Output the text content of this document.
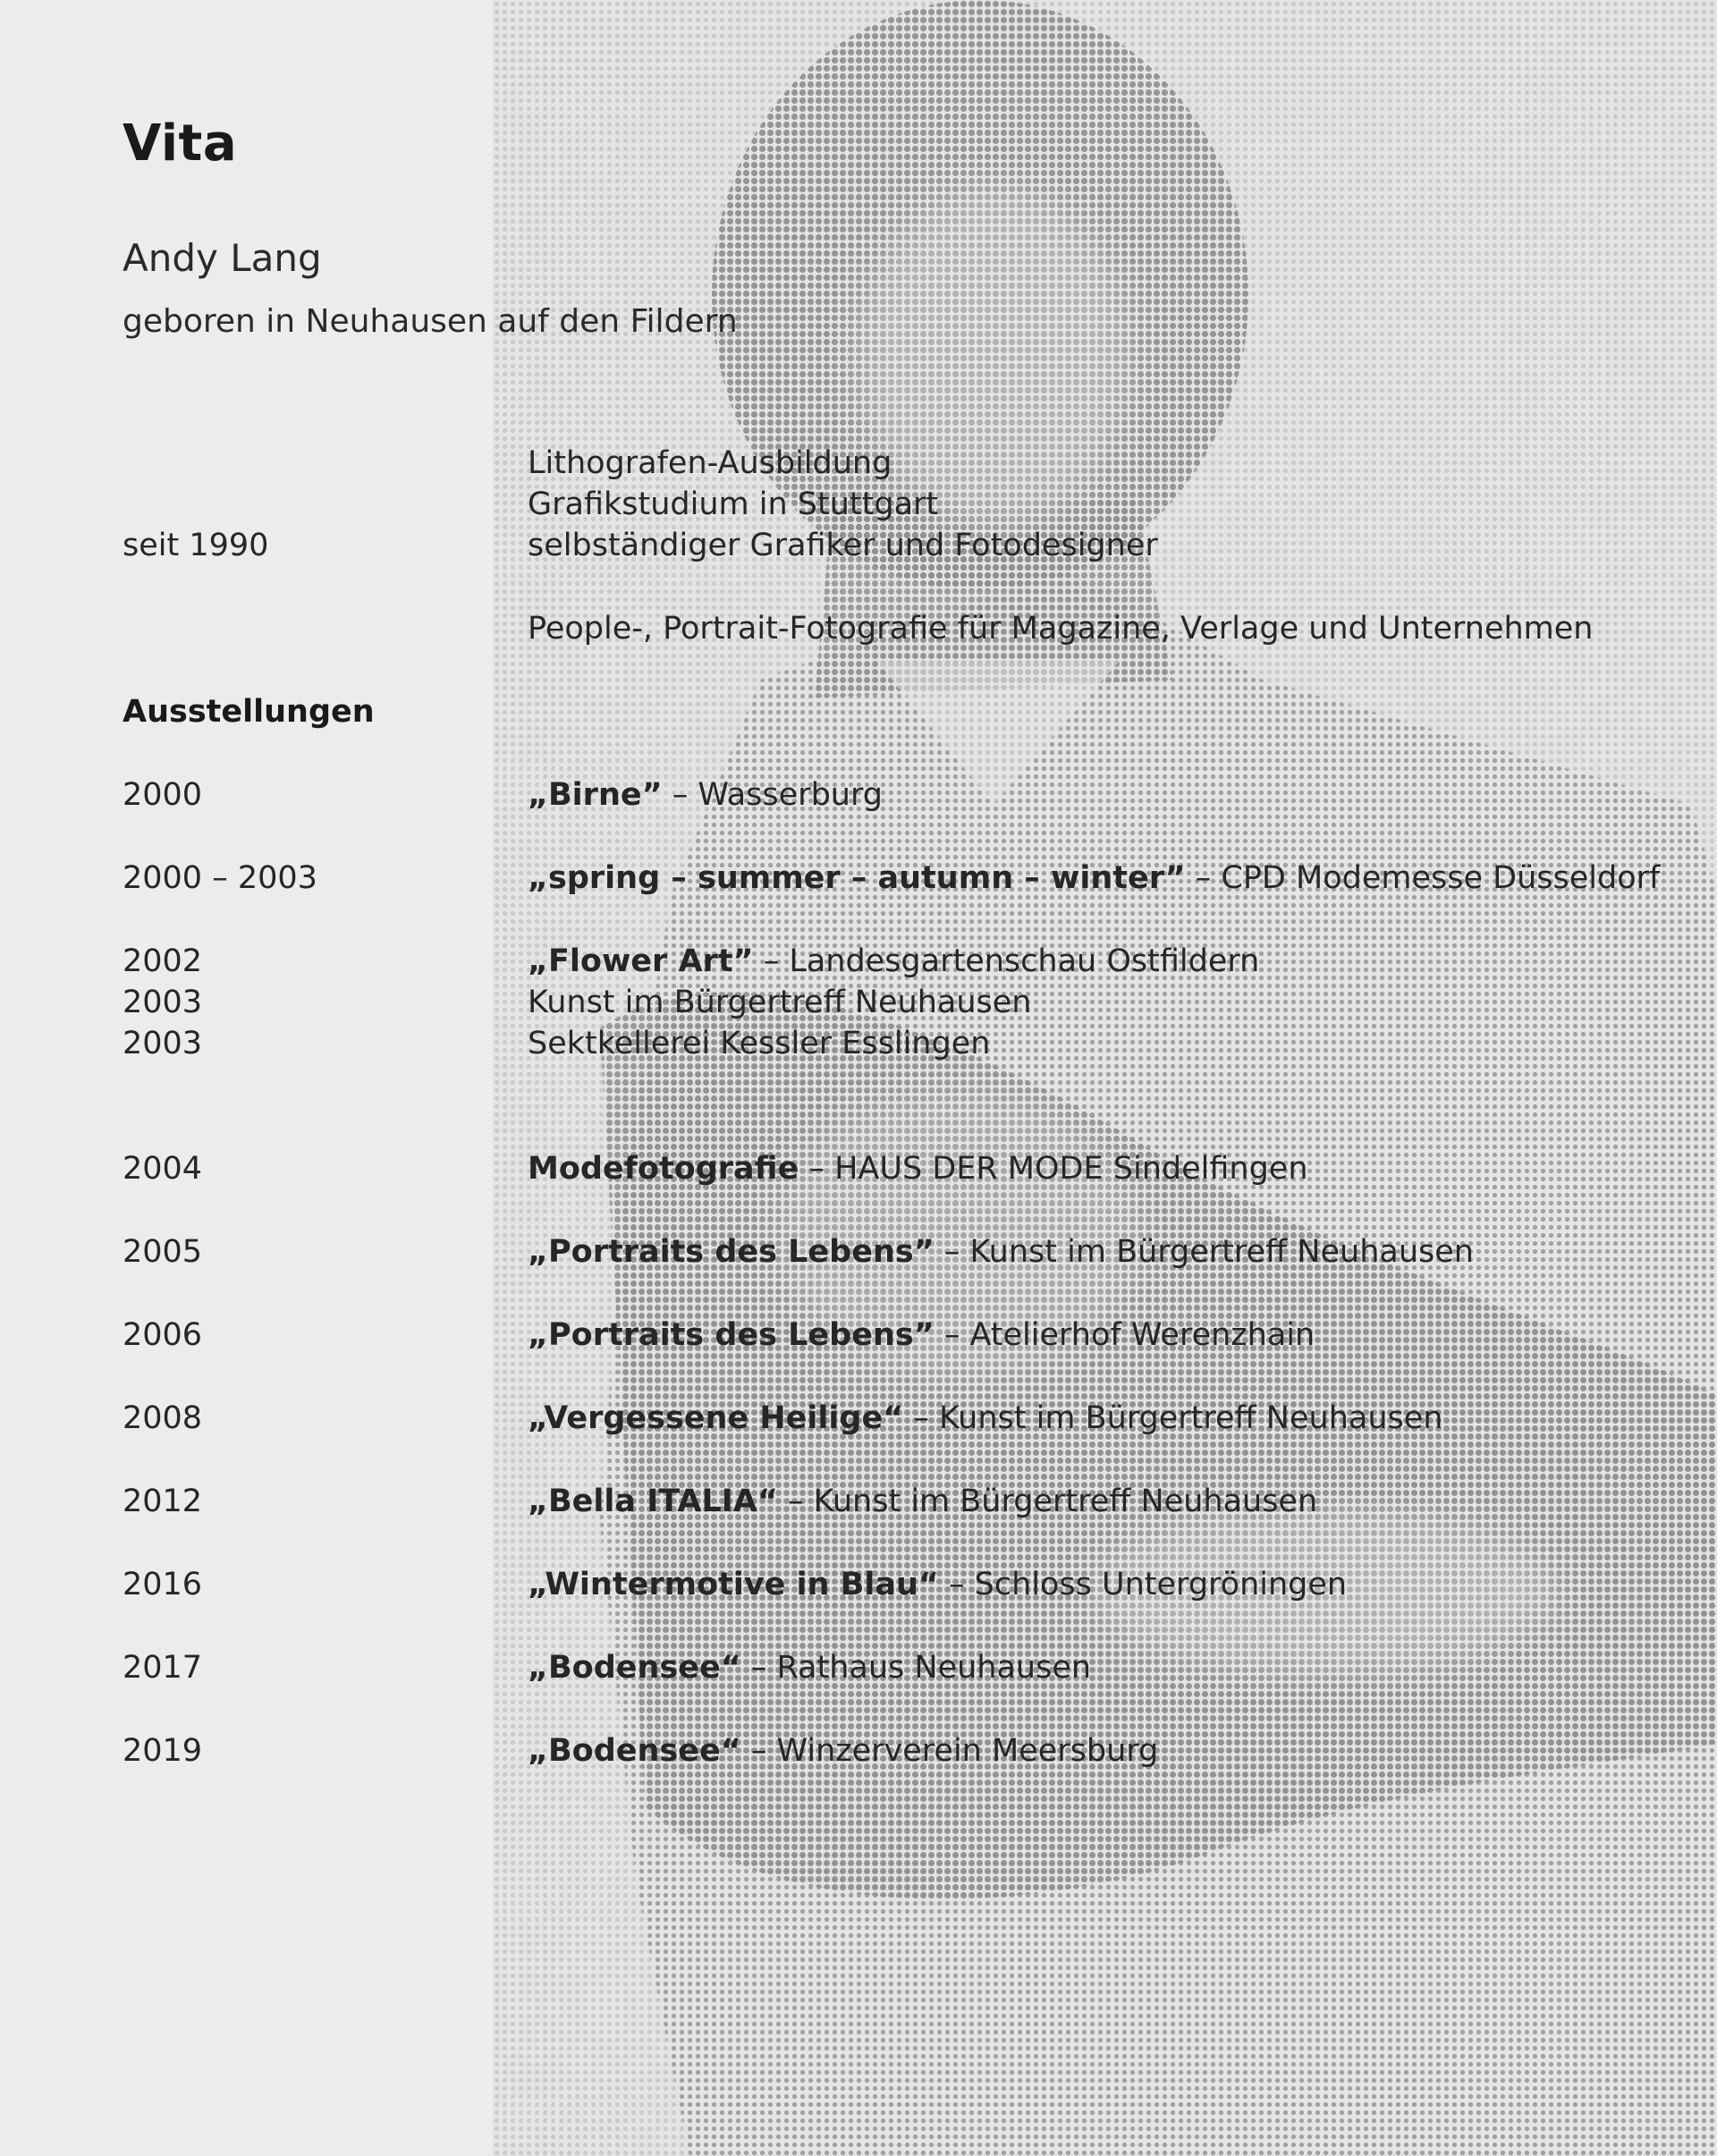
Vita
Andy Lang
geboren in Neuhausen auf den Fildern
Lithografen-Ausbildung
Grafikstudium in Stuttgart
seit 1990	selbständiger Grafiker und Fotodesigner
People-, Portrait-Fotografie für Magazine, Verlage und Unternehmen
Ausstellungen
2000	„Birne” – Wasserburg
2000 – 2003	„spring – summer – autumn – winter” – CPD Modemesse Düsseldorf
2002	„Flower Art” – Landesgartenschau Ostfildern
2003	Kunst im Bürgertreff Neuhausen
2003	Sektkellerei Kessler Esslingen
2004	Modefotografie – HAUS DER MODE Sindelfingen
2005	„Portraits des Lebens” – Kunst im Bürgertreff Neuhausen
2006	„Portraits des Lebens” – Atelierhof Werenzhain
2008	„Vergessene Heilige“ – Kunst im Bürgertreff Neuhausen
2012	„Bella ITALIA“ – Kunst im Bürgertreff Neuhausen
2016	„Wintermotive in Blau“ – Schloss Untergröningen
2017	„Bodensee“ – Rathaus Neuhausen
2019	„Bodensee“ – Winzerverein Meersburg
